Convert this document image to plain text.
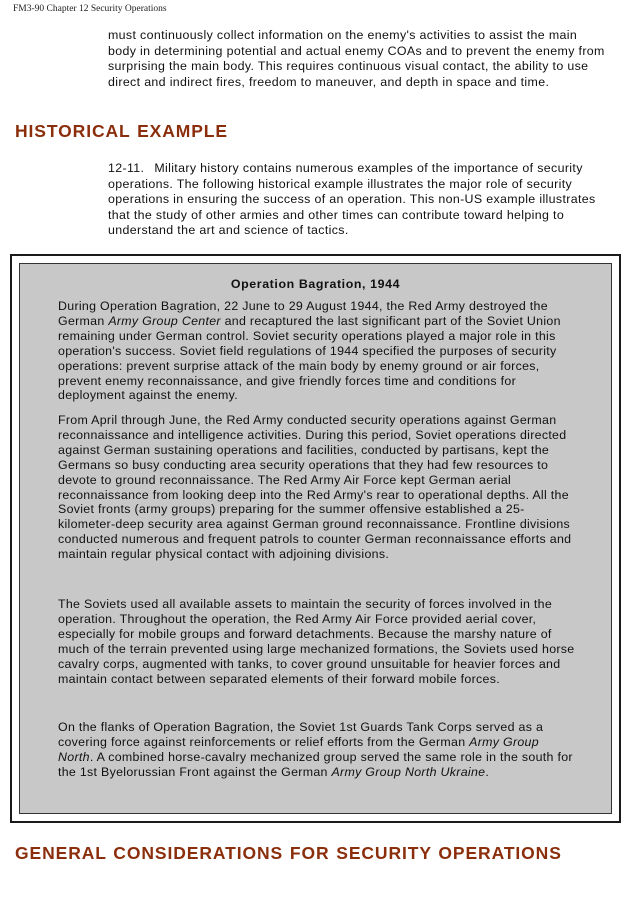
FM3-90 Chapter 12 Security Operations

must continuously collect information on the enemy's activities to assist the main body in determining potential and actual enemy COAs and to prevent the enemy from surprising the main body. This requires continuous visual contact, the ability to use direct and indirect fires, freedom to maneuver, and depth in space and time.

HISTORICAL EXAMPLE

12-11. Military history contains numerous examples of the importance of security operations. The following historical example illustrates the major role of security operations in ensuring the success of an operation. This non-US example illustrates that the study of other armies and other times can contribute toward helping to understand the art and science of tactics.

Operation Bagration, 1944

During Operation Bagration, 22 June to 29 August 1944, the Red Army destroyed the German Army Group Center and recaptured the last significant part of the Soviet Union remaining under German control. Soviet security operations played a major role in this operation's success. Soviet field regulations of 1944 specified the purposes of security operations: prevent surprise attack of the main body by enemy ground or air forces, prevent enemy reconnaissance, and give friendly forces time and conditions for deployment against the enemy.

From April through June, the Red Army conducted security operations against German reconnaissance and intelligence activities. During this period, Soviet operations directed against German sustaining operations and facilities, conducted by partisans, kept the Germans so busy conducting area security operations that they had few resources to devote to ground reconnaissance. The Red Army Air Force kept German aerial reconnaissance from looking deep into the Red Army's rear to operational depths. All the Soviet fronts (army groups) preparing for the summer offensive established a 25-kilometer-deep security area against German ground reconnaissance. Frontline divisions conducted numerous and frequent patrols to counter German reconnaissance efforts and maintain regular physical contact with adjoining divisions.

The Soviets used all available assets to maintain the security of forces involved in the operation. Throughout the operation, the Red Army Air Force provided aerial cover, especially for mobile groups and forward detachments. Because the marshy nature of much of the terrain prevented using large mechanized formations, the Soviets used horse cavalry corps, augmented with tanks, to cover ground unsuitable for heavier forces and maintain contact between separated elements of their forward mobile forces.

On the flanks of Operation Bagration, the Soviet 1st Guards Tank Corps served as a covering force against reinforcements or relief efforts from the German Army Group North. A combined horse-cavalry mechanized group served the same role in the south for the 1st Byelorussian Front against the German Army Group North Ukraine.

GENERAL CONSIDERATIONS FOR SECURITY OPERATIONS
